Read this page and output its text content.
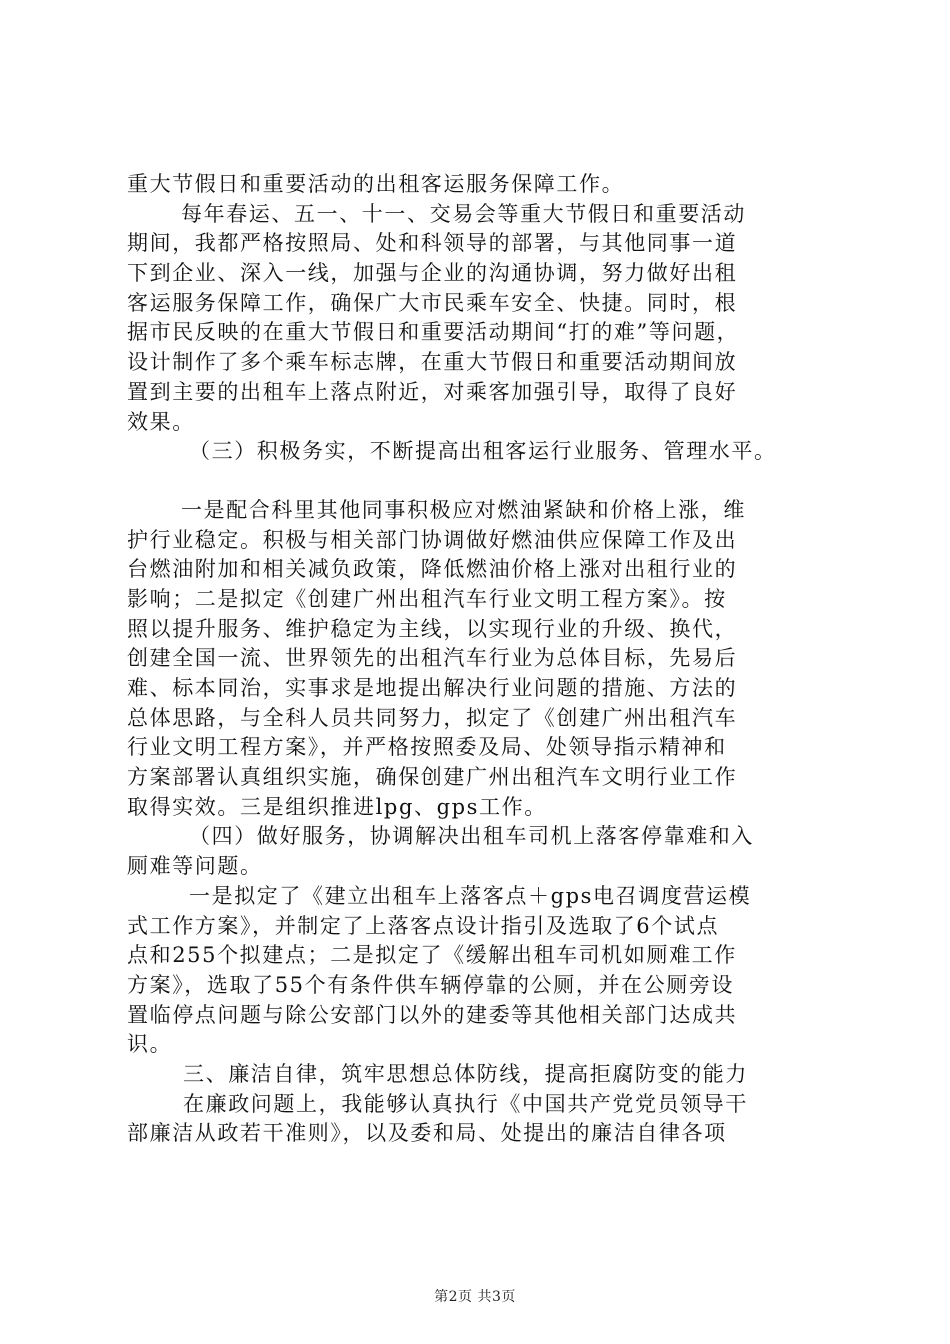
重大节假日和重要活动的出租客运服务保障工作。
每年春运、五一、十一、交易会等重大节假日和重要活动
期间，我都严格按照局、处和科领导的部署，与其他同事一道
下到企业、深入一线，加强与企业的沟通协调，努力做好出租
客运服务保障工作，确保广大市民乘车安全、快捷。同时，根
据市民反映的在重大节假日和重要活动期间“打的难”等问题，
设计制作了多个乘车标志牌，在重大节假日和重要活动期间放
置到主要的出租车上落点附近，对乘客加强引导，取得了良好
效果。
（三）积极务实，不断提高出租客运行业服务、管理水平。
一是配合科里其他同事积极应对燃油紧缺和价格上涨，维
护行业稳定。积极与相关部门协调做好燃油供应保障工作及出
台燃油附加和相关减负政策，降低燃油价格上涨对出租行业的
影响；二是拟定《创建广州出租汽车行业文明工程方案》。按
照以提升服务、维护稳定为主线，以实现行业的升级、换代，
创建全国一流、世界领先的出租汽车行业为总体目标，先易后
难、标本同治，实事求是地提出解决行业问题的措施、方法的
总体思路，与全科人员共同努力，拟定了《创建广州出租汽车
行业文明工程方案》，并严格按照委及局、处领导指示精神和
方案部署认真组织实施，确保创建广州出租汽车文明行业工作
取得实效。三是组织推进lpg、gps工作。
（四）做好服务，协调解决出租车司机上落客停靠难和入
厕难等问题。
一是拟定了《建立出租车上落客点＋gps电召调度营运模
式工作方案》，并制定了上落客点设计指引及选取了6个试点
点和255个拟建点；二是拟定了《缓解出租车司机如厕难工作
方案》，选取了55个有条件供车辆停靠的公厕，并在公厕旁设
置临停点问题与除公安部门以外的建委等其他相关部门达成共
识。
三、廉洁自律，筑牢思想总体防线，提高拒腐防变的能力
在廉政问题上，我能够认真执行《中国共产党党员领导干
部廉洁从政若干准则》，以及委和局、处提出的廉洁自律各项
第2页 共3页
